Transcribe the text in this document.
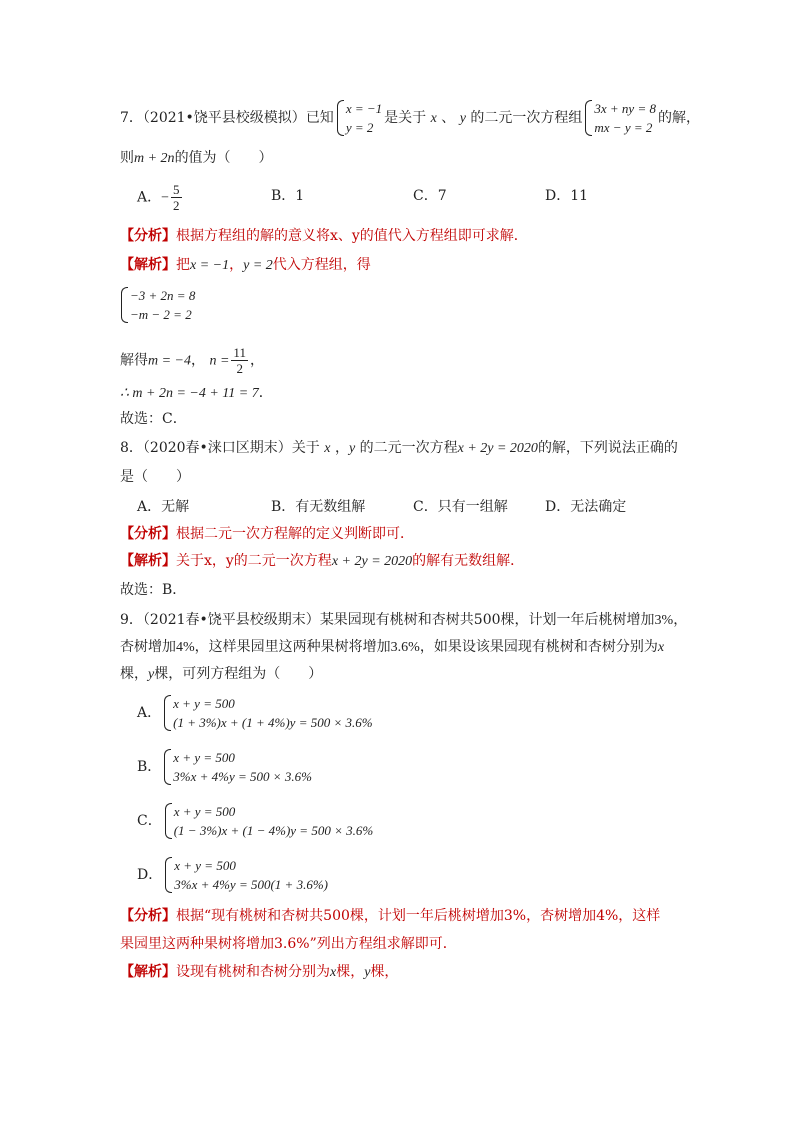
7．（2021•饶平县校级模拟）已知
x = −1
y = 2
是关于 x 、 y 的二元一次方程组
3x + ny = 8
mx − y = 2
的解，
则m + 2n的值为（　　）
A．− $\frac{5}{2}$	B．1	C．7	D．11
【分析】根据方程组的解的意义将x、y的值代入方程组即可求解．
【解析】把x = −1，y = 2代入方程组，得
−3 + 2n = 8
−m − 2 = 2
解得m = −4， $n = \frac{11}{2}$ ，
∴ m + 2n = −4 + 11 = 7．
故选：C．
8．（2020春•涞口区期末）关于 x ，y 的二元一次方程x + 2y = 2020的解，下列说法正确的
是（　　）
A．无解	B．有无数组解	C．只有一组解	D．无法确定
【分析】根据二元一次方程解的定义判断即可．
【解析】关于x，y的二元一次方程x + 2y = 2020的解有无数组解．
故选：B．
9．（2021春•饶平县校级期末）某果园现有桃树和杏树共500棵，计划一年后桃树增加3%，
杏树增加4%，这样果园里这两种果树将增加3.6%，如果设该果园现有桃树和杏树分别为x
棵，y棵，可列方程组为（　　）
A．
x + y = 500
(1 + 3%)x + (1 + 4%)y = 500 × 3.6%
B．
x + y = 500
3%x + 4%y = 500 × 3.6%
C．
x + y = 500
(1 − 3%)x + (1 − 4%)y = 500 × 3.6%
D．
x + y = 500
3%x + 4%y = 500(1 + 3.6%)
【分析】根据“现有桃树和杏树共500棵，计划一年后桃树增加3%，杏树增加4%，这样
果园里这两种果树将增加3.6%”列出方程组求解即可．
【解析】设现有桃树和杏树分别为x棵，y棵，
